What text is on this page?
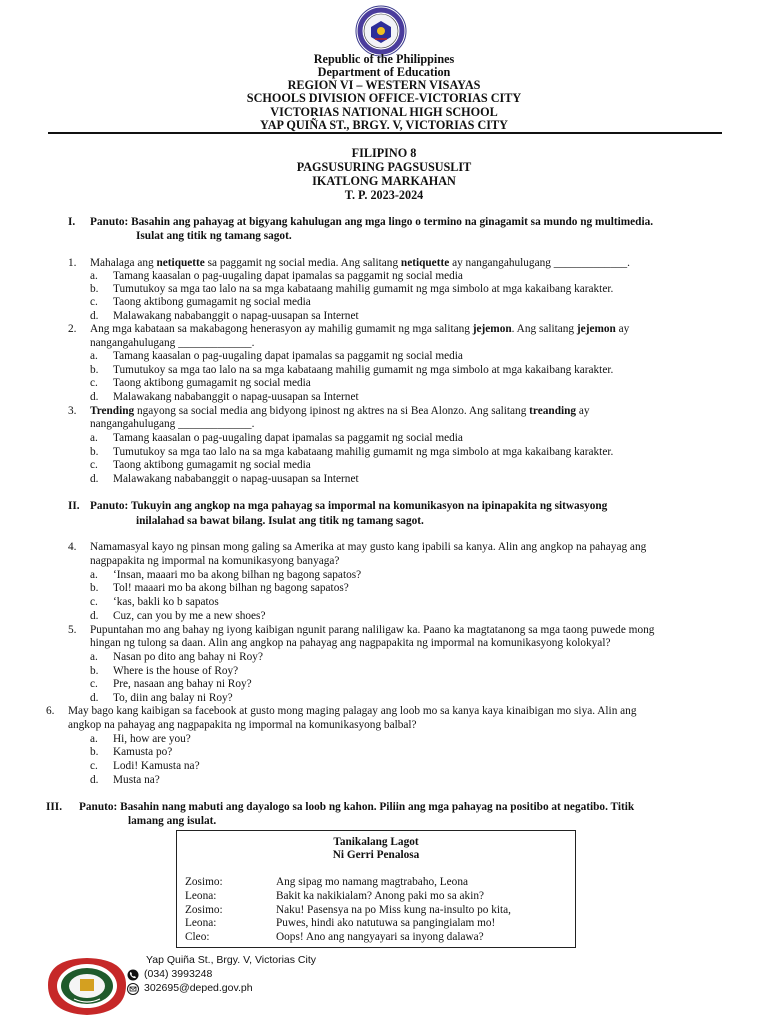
Republic of the Philippines
Department of Education
REGION VI – WESTERN VISAYAS
SCHOOLS DIVISION OFFICE-VICTORIAS CITY
VICTORIAS NATIONAL HIGH SCHOOL
YAP QUIÑA ST., BRGY. V, VICTORIAS CITY
FILIPINO 8
PAGSUSURING PAGSUSUSLIT
IKATLONG MARKAHAN
T. P. 2023-2024
I. Panuto: Basahin ang pahayag at bigyang kahulugan ang mga lingo o termino na ginagamit sa mundo ng multimedia.
Isulat ang titik ng tamang sagot.
1. Mahalaga ang netiquette sa paggamit ng social media. Ang salitang netiquette ay nangangahulugang _____________.
a. Tamang kaasalan o pag-uugaling dapat ipamalas sa paggamit ng social media
b. Tumutukoy sa mga tao lalo na sa mga kabataang mahilig gumamit ng mga simbolo at mga kakaibang karakter.
c. Taong aktibong gumagamit ng social media
d. Malawakang nababanggit o napag-uusapan sa Internet
2. Ang mga kabataan sa makabagong henerasyon ay mahilig gumamit ng mga salitang jejemon. Ang salitang jejemon ay
nangangahulugang _____________.
a. Tamang kaasalan o pag-uugaling dapat ipamalas sa paggamit ng social media
b. Tumutukoy sa mga tao lalo na sa mga kabataang mahilig gumamit ng mga simbolo at mga kakaibang karakter.
c. Taong aktibong gumagamit ng social media
d. Malawakang nababanggit o napag-uusapan sa Internet
3. Trending ngayong sa social media ang bidyong ipinost ng aktres na si Bea Alonzo. Ang salitang treanding ay
nangangahulugang _____________.
a. Tamang kaasalan o pag-uugaling dapat ipamalas sa paggamit ng social media
b. Tumutukoy sa mga tao lalo na sa mga kabataang mahilig gumamit ng mga simbolo at mga kakaibang karakter.
c. Taong aktibong gumagamit ng social media
d. Malawakang nababanggit o napag-uusapan sa Internet
II. Panuto: Tukuyin ang angkop na mga pahayag sa impormal na komunikasyon na ipinapakita ng sitwasyong
inilalahad sa bawat bilang. Isulat ang titik ng tamang sagot.
4. Namamasyal kayo ng pinsan mong galing sa Amerika at may gusto kang ipabili sa kanya. Alin ang angkop na pahayag ang
nagpapakita ng impormal na komunikasyong banyaga?
a. ‘Insan, maaari mo ba akong bilhan ng bagong sapatos?
b. Tol! maaari mo ba akong bilhan ng bagong sapatos?
c. ‘kas, bakli ko b sapatos
d. Cuz, can you by me a new shoes?
5. Pupuntahan mo ang bahay ng iyong kaibigan ngunit parang naliligaw ka. Paano ka magtatanong sa mga taong puwede mong
hingan ng tulong sa daan. Alin ang angkop na pahayag ang nagpapakita ng impormal na komunikasyong kolokyal?
a. Nasan po dito ang bahay ni Roy?
b. Where is the house of Roy?
c. Pre, nasaan ang bahay ni Roy?
d. To, diin ang balay ni Roy?
6. May bago kang kaibigan sa facebook at gusto mong maging palagay ang loob mo sa kanya kaya kinaibigan mo siya. Alin ang
angkop na pahayag ang nagpapakita ng impormal na komunikasyong balbal?
a. Hi, how are you?
b. Kamusta po?
c. Lodi! Kamusta na?
d. Musta na?
III. Panuto: Basahin nang mabuti ang dayalogo sa loob ng kahon. Piliin ang mga pahayag na positibo at negatibo. Titik
lamang ang isulat.
Tanikalang Lagot
Ni Gerri Penalosa
Zosimo:	Ang sipag mo namang magtrabaho, Leona
Leona:	Bakit ka nakikialam? Anong paki mo sa akin?
Zosimo:	Naku! Pasensya na po Miss kung na-insulto po kita,
Leona:	Puwes, hindi ako natutuwa sa pangingialam mo!
Cleo:	Oops! Ano ang nangyayari sa inyong dalawa?
Yap Quiña St., Brgy. V, Victorias City
(034) 3993248
302695@deped.gov.ph
